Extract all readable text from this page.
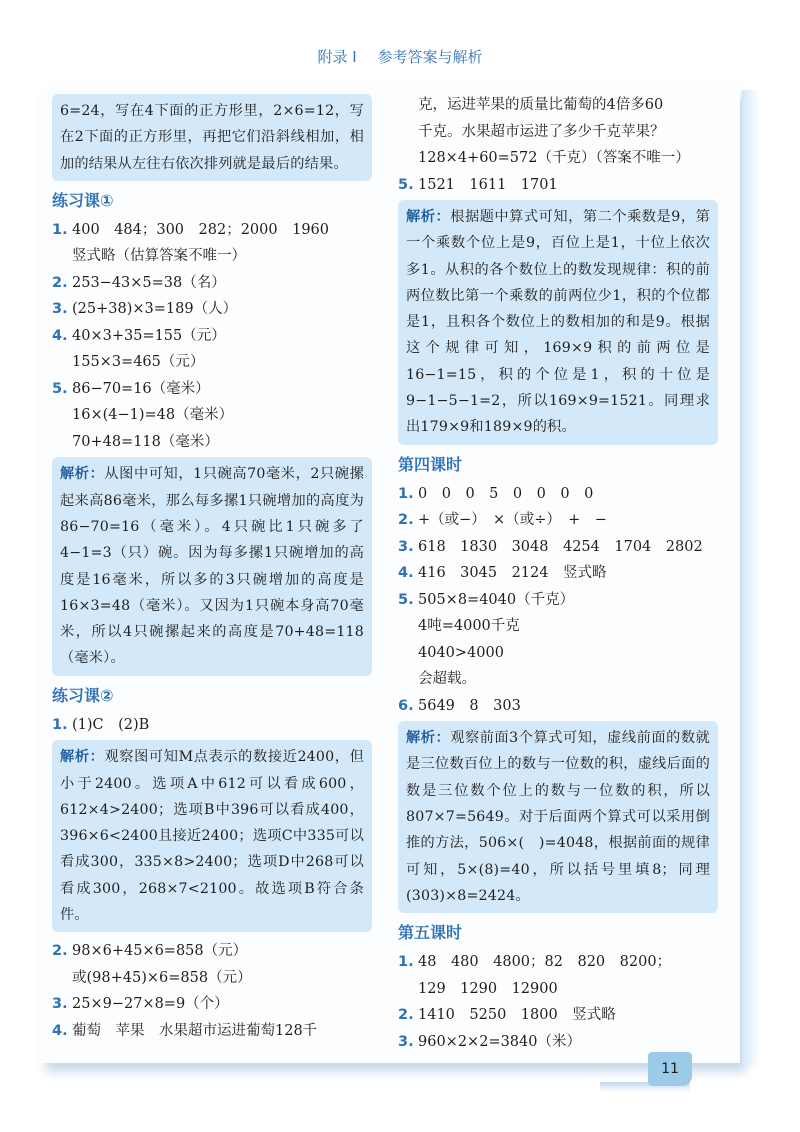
附录 I 参考答案与解析
6=24，写在4下面的正方形里，2×6=12，写在2下面的正方形里，再把它们沿斜线相加，相加的结果从左往右依次排列就是最后的结果。
练习课①
1. 400　484；300　282；2000　1960
竖式略（估算答案不唯一）
2. 253−43×5=38（名）
3. (25+38)×3=189（人）
4. 40×3+35=155（元）
155×3=465（元）
5. 86−70=16（毫米）
16×(4−1)=48（毫米）
70+48=118（毫米）
解析：从图中可知，1只碗高70毫米，2只碗摞起来高86毫米，那么每多摞1只碗增加的高度为86−70=16（毫米）。4只碗比1只碗多了4−1=3（只）碗。因为每多摞1只碗增加的高度是16毫米，所以多的3只碗增加的高度是16×3=48（毫米）。又因为1只碗本身高70毫米，所以4只碗摞起来的高度是70+48=118（毫米）。
练习课②
1. (1)C　(2)B
解析：观察图可知M点表示的数接近2400，但小于2400。选项A中612可以看成600，612×4>2400；选项B中396可以看成400，396×6<2400且接近2400；选项C中335可以看成300，335×8>2400；选项D中268可以看成300，268×7<2100。故选项B符合条件。
2. 98×6+45×6=858（元）
或(98+45)×6=858（元）
3. 25×9−27×8=9（个）
4. 葡萄　苹果　水果超市运进葡萄128千
克，运进苹果的质量比葡萄的4倍多60
千克。水果超市运进了多少千克苹果？
128×4+60=572（千克）（答案不唯一）
5. 1521　1611　1701
解析：根据题中算式可知，第二个乘数是9，第一个乘数个位上是9，百位上是1，十位上依次多1。从积的各个数位上的数发现规律：积的前两位数比第一个乘数的前两位少1，积的个位都是1，且积各个数位上的数相加的和是9。根据这个规律可知，169×9积的前两位是16−1=15，积的个位是1，积的十位是9−1−5−1=2，所以169×9=1521。同理求出179×9和189×9的积。
第四课时
1. 0　0　0　5　0　0　0　0
2. +（或−）　×（或÷）　+　−
3. 618　1830　3048　4254　1704　2802
4. 416　3045　2124　竖式略
5. 505×8=4040（千克）
4吨=4000千克
4040>4000
会超载。
6. 5649　8　303
解析：观察前面3个算式可知，虚线前面的数就是三位数百位上的数与一位数的积，虚线后面的数是三位数个位上的数与一位数的积，所以807×7=5649。对于后面两个算式可以采用倒推的方法，506×(　)=4048，根据前面的规律可知，5×(8)=40，所以括号里填8；同理(303)×8=2424。
第五课时
1. 48　480　4800；82　820　8200；
129　1290　12900
2. 1410　5250　1800　竖式略
3. 960×2×2=3840（米）
11
